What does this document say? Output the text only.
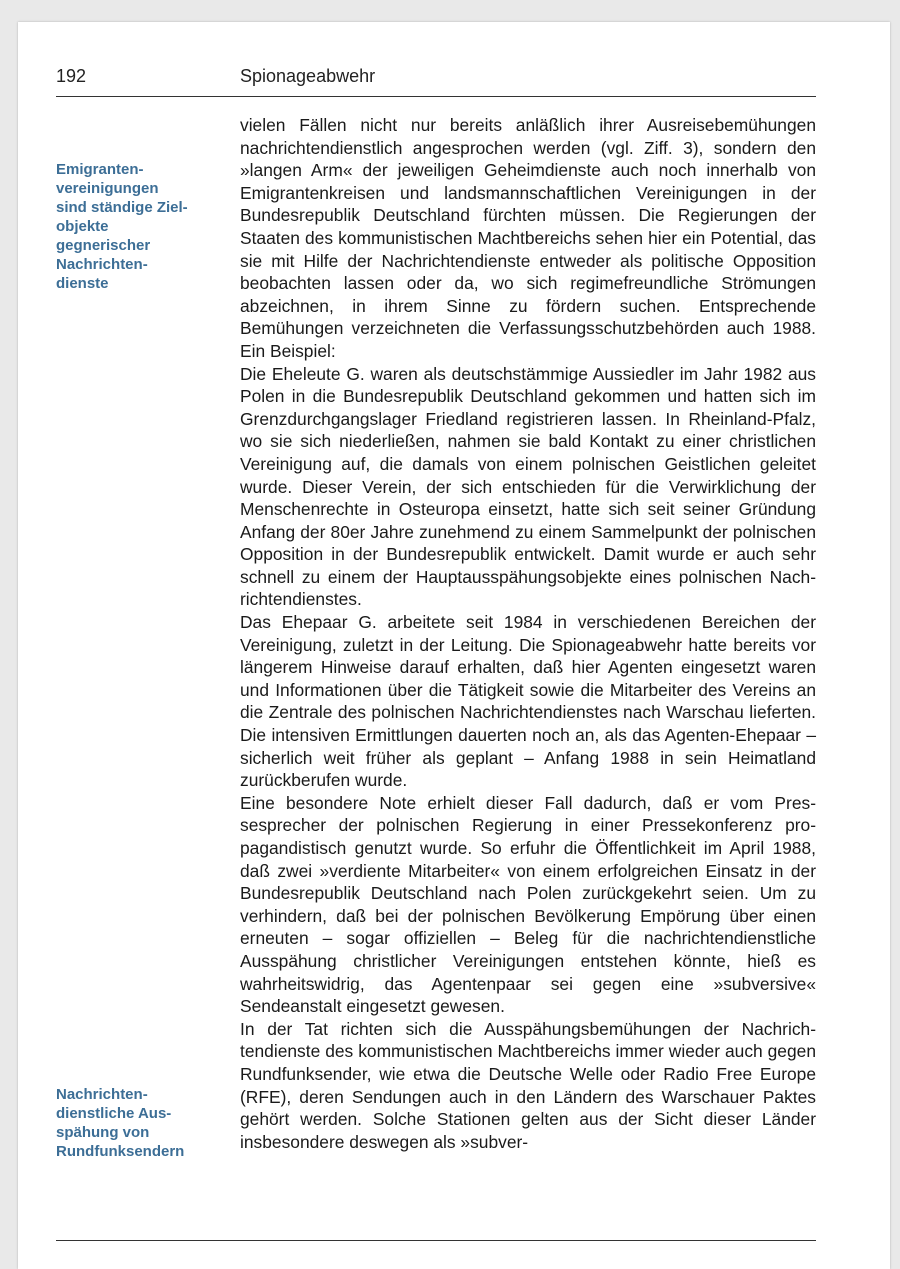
192	Spionageabwehr
Emigranten-
vereinigungen
sind ständige Ziel-
objekte
gegnerischer
Nachrichten-
dienste
Nachrichten-
dienstliche Aus-
spähung von
Rundfunksendern

vielen Fällen nicht nur bereits anläßlich ihrer Ausreisebemühungen nachrichtendienstlich angesprochen werden (vgl. Ziff. 3), sondern den »langen Arm« der jeweiligen Geheimdienste auch noch innerhalb von Emigrantenkreisen und landsmannschaftlichen Vereinigungen in der Bundesrepublik Deutschland fürchten müssen. Die Regierungen der Staaten des kommunistischen Machtbereichs sehen hier ein Potential, das sie mit Hilfe der Nachrichtendienste entweder als politische Opposition beobachten lassen oder da, wo sich regimefreundliche Strömungen abzeichnen, in ihrem Sinne zu fördern suchen. Entsprechende Bemühungen verzeichneten die Verfassungsschutzbehörden auch 1988. Ein Beispiel:

Die Eheleute G. waren als deutschstämmige Aussiedler im Jahr 1982 aus Polen in die Bundesrepublik Deutschland gekommen und hatten sich im Grenzdurchgangslager Friedland registrieren lassen. In Rheinland-Pfalz, wo sie sich niederließen, nahmen sie bald Kontakt zu einer christlichen Vereinigung auf, die damals von einem polnischen Geistlichen geleitet wurde. Dieser Verein, der sich entschieden für die Verwirklichung der Menschenrechte in Osteuropa einsetzt, hatte sich seit seiner Gründung Anfang der 80er Jahre zunehmend zu einem Sammelpunkt der polnischen Opposition in der Bundesrepublik entwickelt. Damit wurde er auch sehr schnell zu einem der Hauptausspähungsobjekte eines polnischen Nachrichtendienstes.

Das Ehepaar G. arbeitete seit 1984 in verschiedenen Bereichen der Vereinigung, zuletzt in der Leitung. Die Spionageabwehr hatte bereits vor längerem Hinweise darauf erhalten, daß hier Agenten eingesetzt waren und Informationen über die Tätigkeit sowie die Mitarbeiter des Vereins an die Zentrale des polnischen Nachrichtendienstes nach Warschau lieferten. Die intensiven Ermittlungen dauerten noch an, als das Agenten-Ehepaar – sicherlich weit früher als geplant – Anfang 1988 in sein Heimatland zurückberufen wurde.

Eine besondere Note erhielt dieser Fall dadurch, daß er vom Pressesprecher der polnischen Regierung in einer Pressekonferenz propagandistisch genutzt wurde. So erfuhr die Öffentlichkeit im April 1988, daß zwei »verdiente Mitarbeiter« von einem erfolgreichen Einsatz in der Bundesrepublik Deutschland nach Polen zurückgekehrt seien. Um zu verhindern, daß bei der polnischen Bevölkerung Empörung über einen erneuten – sogar offiziellen – Beleg für die nachrichtendienstliche Ausspähung christlicher Vereinigungen entstehen könnte, hieß es wahrheitswidrig, das Agentenpaar sei gegen eine »subversive« Sendeanstalt eingesetzt gewesen.

In der Tat richten sich die Ausspähungsbemühungen der Nachrichtendienste des kommunistischen Machtbereichs immer wieder auch gegen Rundfunksender, wie etwa die Deutsche Welle oder Radio Free Europe (RFE), deren Sendungen auch in den Ländern des Warschauer Paktes gehört werden. Solche Stationen gelten aus der Sicht dieser Länder insbesondere deswegen als »subver-
